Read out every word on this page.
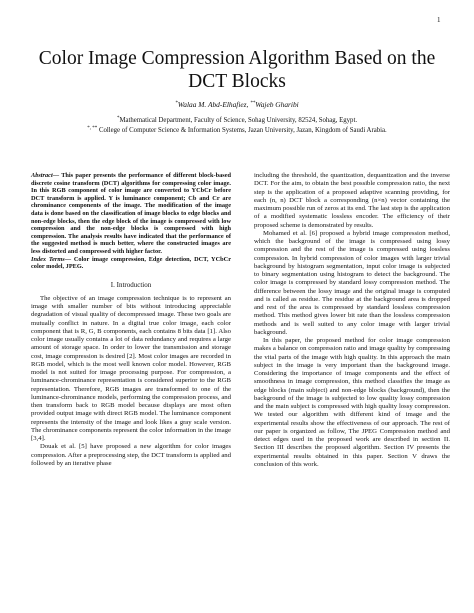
1
Color Image Compression Algorithm Based on the DCT Blocks
*Walaa M. Abd-Elhafiez, **Wajeb Gharibi
*Mathematical Department, Faculty of Science, Sohag University, 82524, Sohag, Egypt.
*, ** College of Computer Science & Information Systems, Jazan University, Jazan, Kingdom of Saudi Arabia.

Abstract— This paper presents the performance of different block-based discrete cosine transform (DCT) algorithms for compressing color image. In this RGB component of color image are converted to YCbCr before DCT transform is applied. Y is luminance component; Cb and Cr are chrominance components of the image. The modification of the image data is done based on the classification of image blocks to edge blocks and non-edge blocks, then the edge block of the image is compressed with low compression and the non-edge blocks is compressed with high compression. The analysis results have indicated that the performance of the suggested method is much better, where the constructed images are less distorted and compressed with higher factor.

Index Terms— Color image compression, Edge detection, DCT, YCbCr color model, JPEG.

I. Introduction

The objective of an image compression technique is to represent an image with smaller number of bits without introducing appreciable degradation of visual quality of decompressed image. These two goals are mutually conflict in nature. In a digital true color image, each color component that is R, G, B components, each contains 8 bits data [1]. Also color image usually contains a lot of data redundancy and requires a large amount of storage space. In order to lower the transmission and storage cost, image compression is desired [2]. Most color images are recorded in RGB model, which is the most well known color model. However, RGB model is not suited for image processing purpose. For compression, a luminance-chrominance representation is considered superior to the RGB representation. Therefore, RGB images are transformed to one of the luminance-chrominance models, performing the compression process, and then transform back to RGB model because displays are most often provided output image with direct RGB model. The luminance component represents the intensity of the image and look likes a gray scale version. The chrominance components represent the color information in the image [3,4].

Douak et al. [5] have proposed a new algorithm for color images compression. After a preprocessing step, the DCT transform is applied and followed by an iterative phase

including the threshold, the quantization, dequantization and the inverse DCT. For the aim, to obtain the best possible compression ratio, the next step is the application of a proposed adaptive scanning providing, for each (n, n) DCT block a corresponding (n×n) vector containing the maximum possible run of zeros at its end. The last step is the application of a modified systematic lossless encoder. The efficiency of their proposed scheme is demonstrated by results.

Mohamed et al. [6] proposed a hybrid image compression method, which the background of the image is compressed using lossy compression and the rest of the image is compressed using lossless compression. In hybrid compression of color images with larger trivial background by histogram segmentation, input color image is subjected to binary segmentation using histogram to detect the background. The color image is compressed by standard lossy compression method. The difference between the lossy image and the original image is computed and is called as residue. The residue at the background area is dropped and rest of the area is compressed by standard lossless compression method. This method gives lower bit rate than the lossless compression methods and is well suited to any color image with larger trivial background.

In this paper, the proposed method for color image compression makes a balance on compression ratio and image quality by compressing the vital parts of the image with high quality. In this approach the main subject in the image is very important than the background image. Considering the importance of image components and the effect of smoothness in image compression, this method classifies the image as edge blocks (main subject) and non-edge blocks (background), then the background of the image is subjected to low quality lossy compression and the main subject is compressed with high quality lossy compression. We tested our algorithm with different kind of image and the experimental results show the effectiveness of our approach. The rest of our paper is organized as follow, The JPEG Compression method and detect edges used in the proposed work are described in section II. Section III describes the proposed algorithm. Section IV presents the experimental results obtained in this paper. Section V draws the conclusion of this work.
